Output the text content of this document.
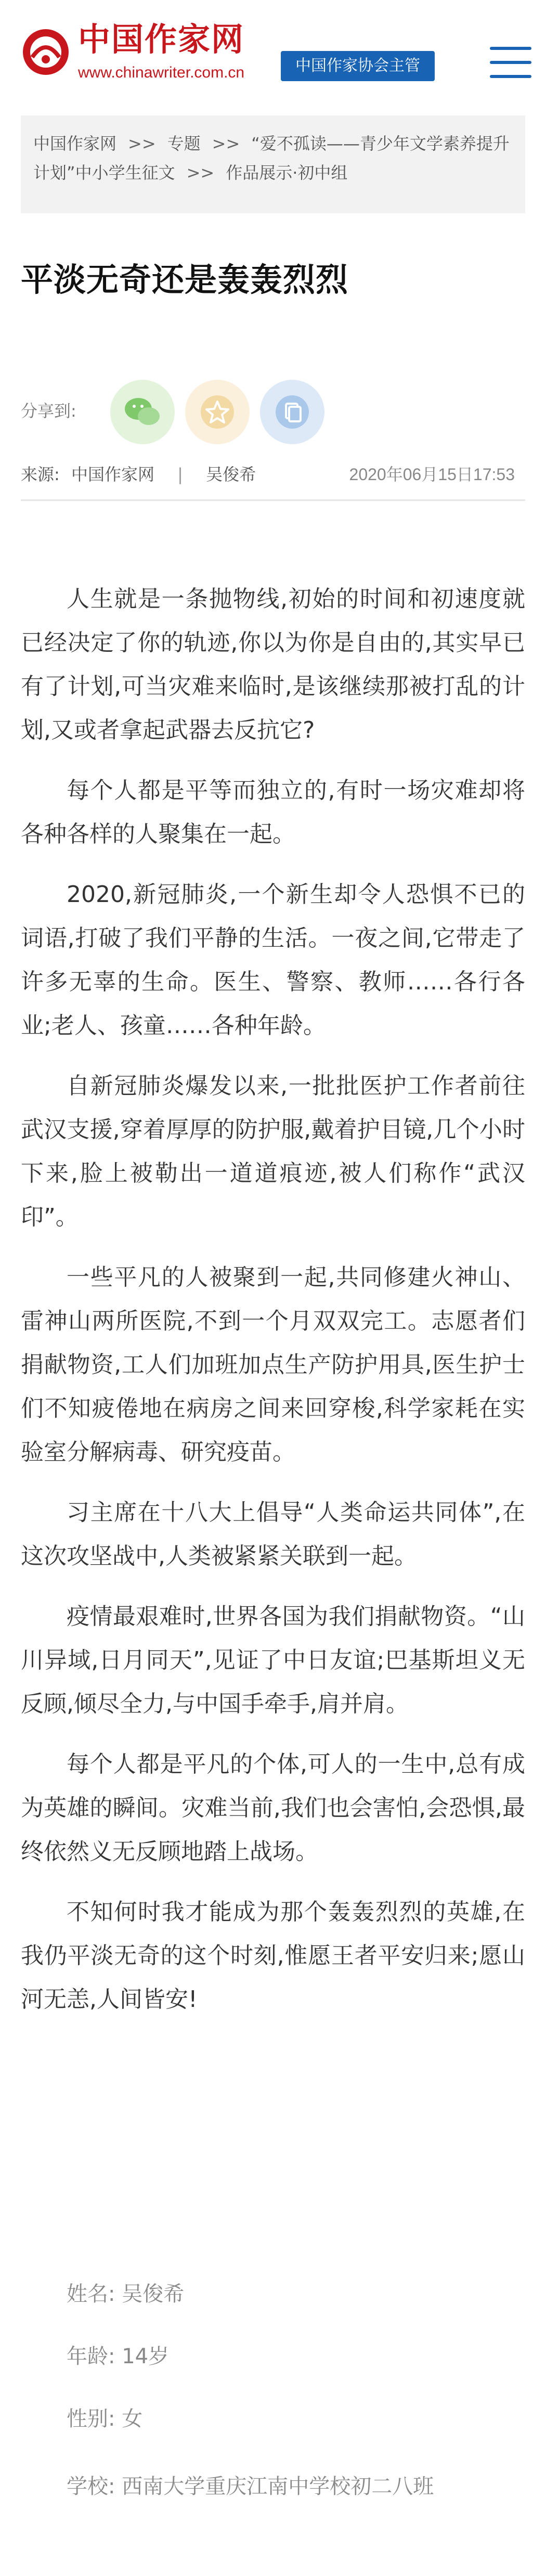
中国作家网
www.chinawriter.com.cn	中国作家协会主管
中国作家网 >> 专题 >> “爱不孤读——青少年文学素养提升计划”中小学生征文 >> 作品展示·初中组
平淡无奇还是轰轰烈烈
分享到:
来源: 中国作家网 | 吴俊希	2020年06月15日17:53

人生就是一条抛物线,初始的时间和初速度就已经决定了你的轨迹,你以为你是自由的,其实早已有了计划,可当灾难来临时,是该继续那被打乱的计划,又或者拿起武器去反抗它?

每个人都是平等而独立的,有时一场灾难却将各种各样的人聚集在一起。

2020,新冠肺炎,一个新生却令人恐惧不已的词语,打破了我们平静的生活。一夜之间,它带走了许多无辜的生命。医生、警察、教师……各行各业;老人、孩童……各种年龄。

自新冠肺炎爆发以来,一批批医护工作者前往武汉支援,穿着厚厚的防护服,戴着护目镜,几个小时下来,脸上被勒出一道道痕迹,被人们称作“武汉印”。

一些平凡的人被聚到一起,共同修建火神山、雷神山两所医院,不到一个月双双完工。志愿者们捐献物资,工人们加班加点生产防护用具,医生护士们不知疲倦地在病房之间来回穿梭,科学家耗在实验室分解病毒、研究疫苗。

习主席在十八大上倡导“人类命运共同体”,在这次攻坚战中,人类被紧紧关联到一起。

疫情最艰难时,世界各国为我们捐献物资。“山川异域,日月同天”,见证了中日友谊;巴基斯坦义无反顾,倾尽全力,与中国手牵手,肩并肩。

每个人都是平凡的个体,可人的一生中,总有成为英雄的瞬间。灾难当前,我们也会害怕,会恐惧,最终依然义无反顾地踏上战场。

不知何时我才能成为那个轰轰烈烈的英雄,在我仍平淡无奇的这个时刻,惟愿王者平安归来;愿山河无恙,人间皆安!

姓名: 吴俊希
年龄: 14岁
性别: 女
学校: 西南大学重庆江南中学校初二八班
